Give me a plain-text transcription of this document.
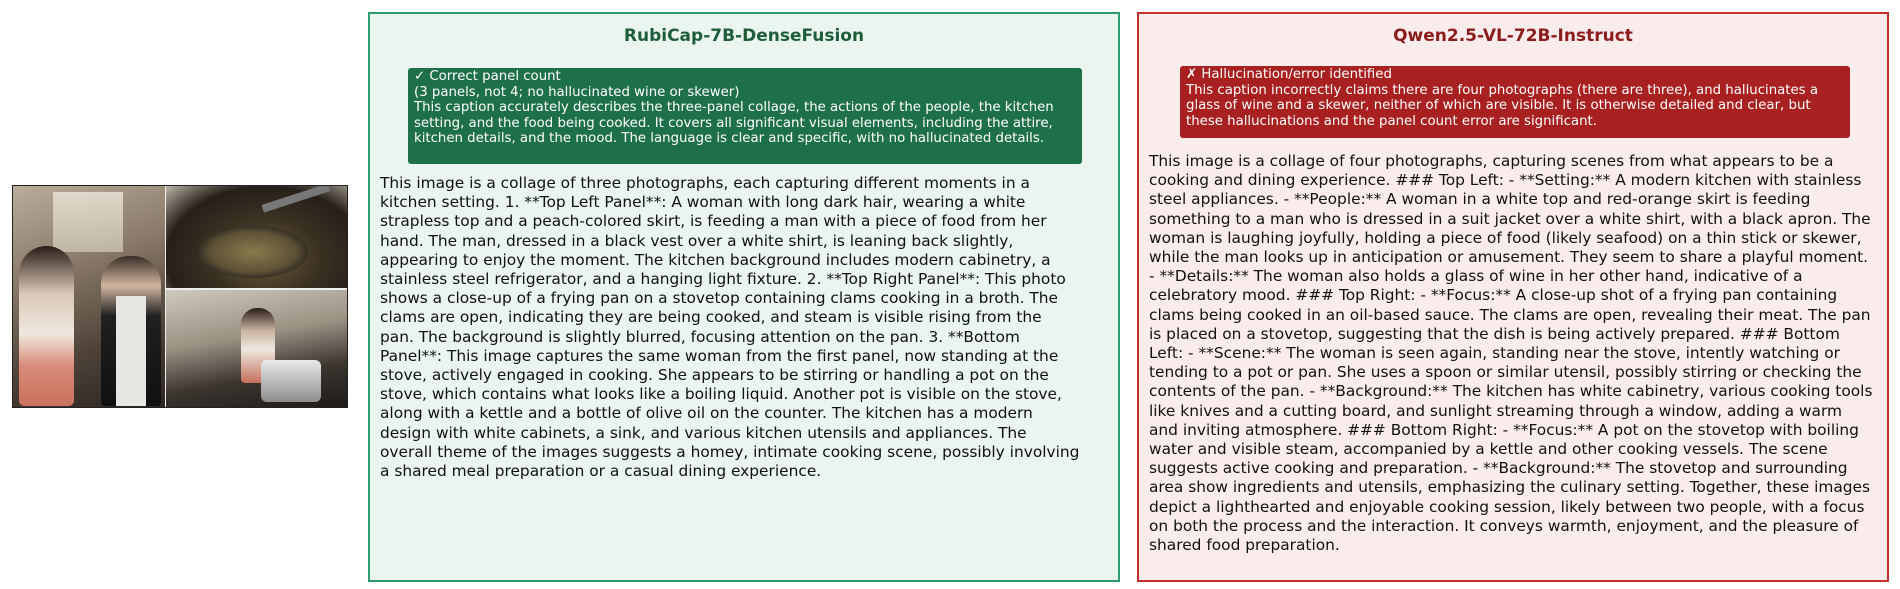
RubiCap-7B-DenseFusion
✓ Correct panel count
(3 panels, not 4; no hallucinated wine or skewer)
This caption accurately describes the three-panel collage, the actions of the people, the kitchen setting, and the food being cooked. It covers all significant visual elements, including the attire, kitchen details, and the mood. The language is clear and specific, with no hallucinated details.
This image is a collage of three photographs, each capturing different moments in a kitchen setting. 1. **Top Left Panel**: A woman with long dark hair, wearing a white strapless top and a peach-colored skirt, is feeding a man with a piece of food from her hand. The man, dressed in a black vest over a white shirt, is leaning back slightly, appearing to enjoy the moment. The kitchen background includes modern cabinetry, a stainless steel refrigerator, and a hanging light fixture. 2. **Top Right Panel**: This photo shows a close-up of a frying pan on a stovetop containing clams cooking in a broth. The clams are open, indicating they are being cooked, and steam is visible rising from the pan. The background is slightly blurred, focusing attention on the pan. 3. **Bottom Panel**: This image captures the same woman from the first panel, now standing at the stove, actively engaged in cooking. She appears to be stirring or handling a pot on the stove, which contains what looks like a boiling liquid. Another pot is visible on the stove, along with a kettle and a bottle of olive oil on the counter. The kitchen has a modern design with white cabinets, a sink, and various kitchen utensils and appliances. The overall theme of the images suggests a homey, intimate cooking scene, possibly involving a shared meal preparation or a casual dining experience.
Qwen2.5-VL-72B-Instruct
✗ Hallucination/error identified
This caption incorrectly claims there are four photographs (there are three), and hallucinates a glass of wine and a skewer, neither of which are visible. It is otherwise detailed and clear, but these hallucinations and the panel count error are significant.
This image is a collage of four photographs, capturing scenes from what appears to be a cooking and dining experience. ### Top Left: - **Setting:** A modern kitchen with stainless steel appliances. - **People:** A woman in a white top and red-orange skirt is feeding something to a man who is dressed in a suit jacket over a white shirt, with a black apron. The woman is laughing joyfully, holding a piece of food (likely seafood) on a thin stick or skewer, while the man looks up in anticipation or amusement. They seem to share a playful moment. - **Details:** The woman also holds a glass of wine in her other hand, indicative of a celebratory mood. ### Top Right: - **Focus:** A close-up shot of a frying pan containing clams being cooked in an oil-based sauce. The clams are open, revealing their meat. The pan is placed on a stovetop, suggesting that the dish is being actively prepared. ### Bottom Left: - **Scene:** The woman is seen again, standing near the stove, intently watching or tending to a pot or pan. She uses a spoon or similar utensil, possibly stirring or checking the contents of the pan. - **Background:** The kitchen has white cabinetry, various cooking tools like knives and a cutting board, and sunlight streaming through a window, adding a warm and inviting atmosphere. ### Bottom Right: - **Focus:** A pot on the stovetop with boiling water and visible steam, accompanied by a kettle and other cooking vessels. The scene suggests active cooking and preparation. - **Background:** The stovetop and surrounding area show ingredients and utensils, emphasizing the culinary setting. Together, these images depict a lighthearted and enjoyable cooking session, likely between two people, with a focus on both the process and the interaction. It conveys warmth, enjoyment, and the pleasure of shared food preparation.
